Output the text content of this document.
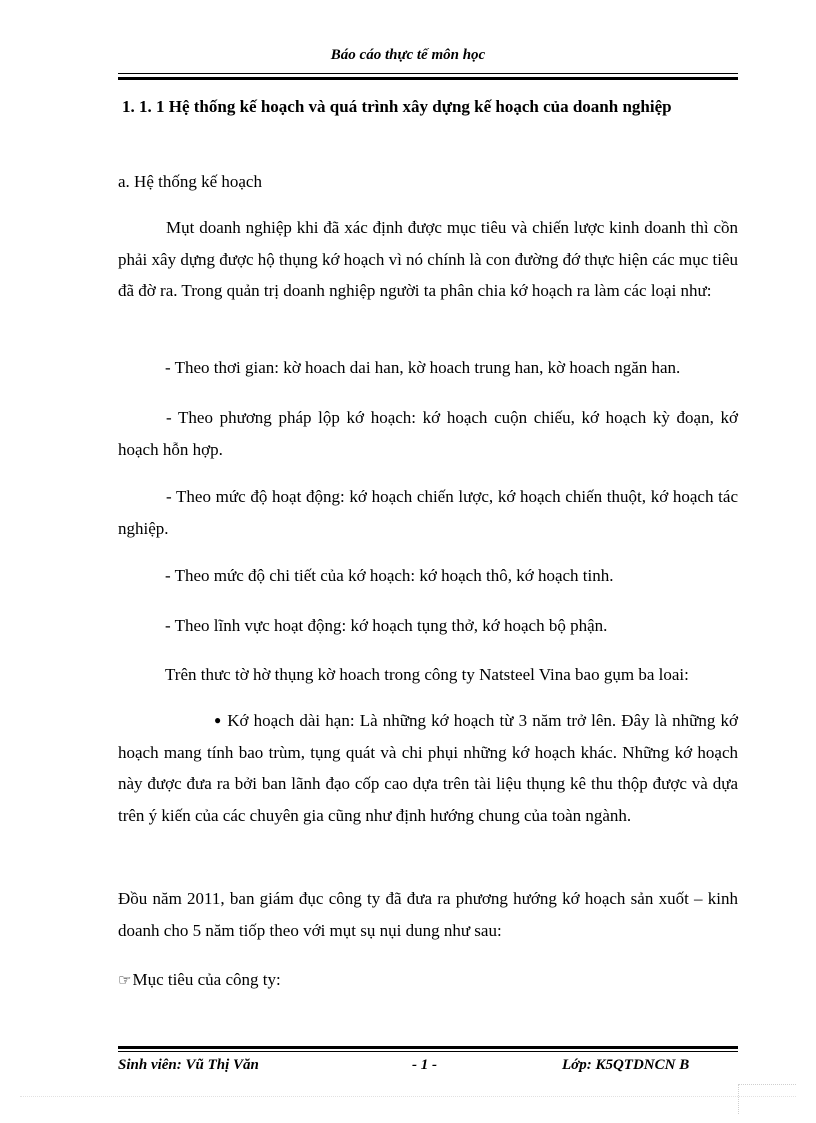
Báo cáo thực tế môn học
1. 1. 1 Hệ thống kế hoạch và quá trình xây dựng kế hoạch của doanh nghiệp
a. Hệ thống kế hoạch
Mụt doanh nghiệp khi đã xác định được mục tiêu và chiến lược kinh doanh thì cồn phải xây dựng được hộ thụng kớ hoạch vì nó chính là con đường đớ thực hiện các mục tiêu đã đờ ra. Trong quản trị doanh nghiệp người ta phân chia kớ hoạch ra làm các loại như:
- Theo thơi gian: kờ hoach dai han, kờ hoach trung han, kờ hoach ngăn han.
- Theo phương pháp lộp kớ hoạch: kớ hoạch cuộn chiếu, kớ hoạch kỳ đoạn, kớ hoạch hỗn hợp.
- Theo mức độ hoạt động: kớ hoạch chiến lược, kớ hoạch chiến thuột, kớ hoạch tác nghiệp.
- Theo mức độ chi tiết của kớ hoạch: kớ hoạch thô, kớ hoạch tinh.
- Theo lĩnh vực hoạt động: kớ hoạch tụng thở, kớ hoạch bộ phận.
Trên thưc tờ hờ thụng kờ hoach trong công ty Natsteel Vina bao gụm ba loai:
● Kớ hoạch dài hạn: Là những kớ hoạch từ 3 năm trở lên. Đây là những kớ hoạch mang tính bao trùm, tụng quát và chi phụi những kớ hoạch khác. Những kớ hoạch này được đưa ra bởi ban lãnh đạo cốp cao dựa trên tài liệu thụng kê thu thộp được và dựa trên ý kiến của các chuyên gia cũng như định hướng chung của toàn ngành.
Đồu năm 2011, ban giám đục công ty đã đưa ra phương hướng kớ hoạch sản xuốt – kinh doanh cho 5 năm tiốp theo với mụt sụ nụi dung như sau:
☞Mục tiêu của công ty:
Sinh viên: Vũ Thị Văn	- 1 -	Lớp: K5QTDNCN B
